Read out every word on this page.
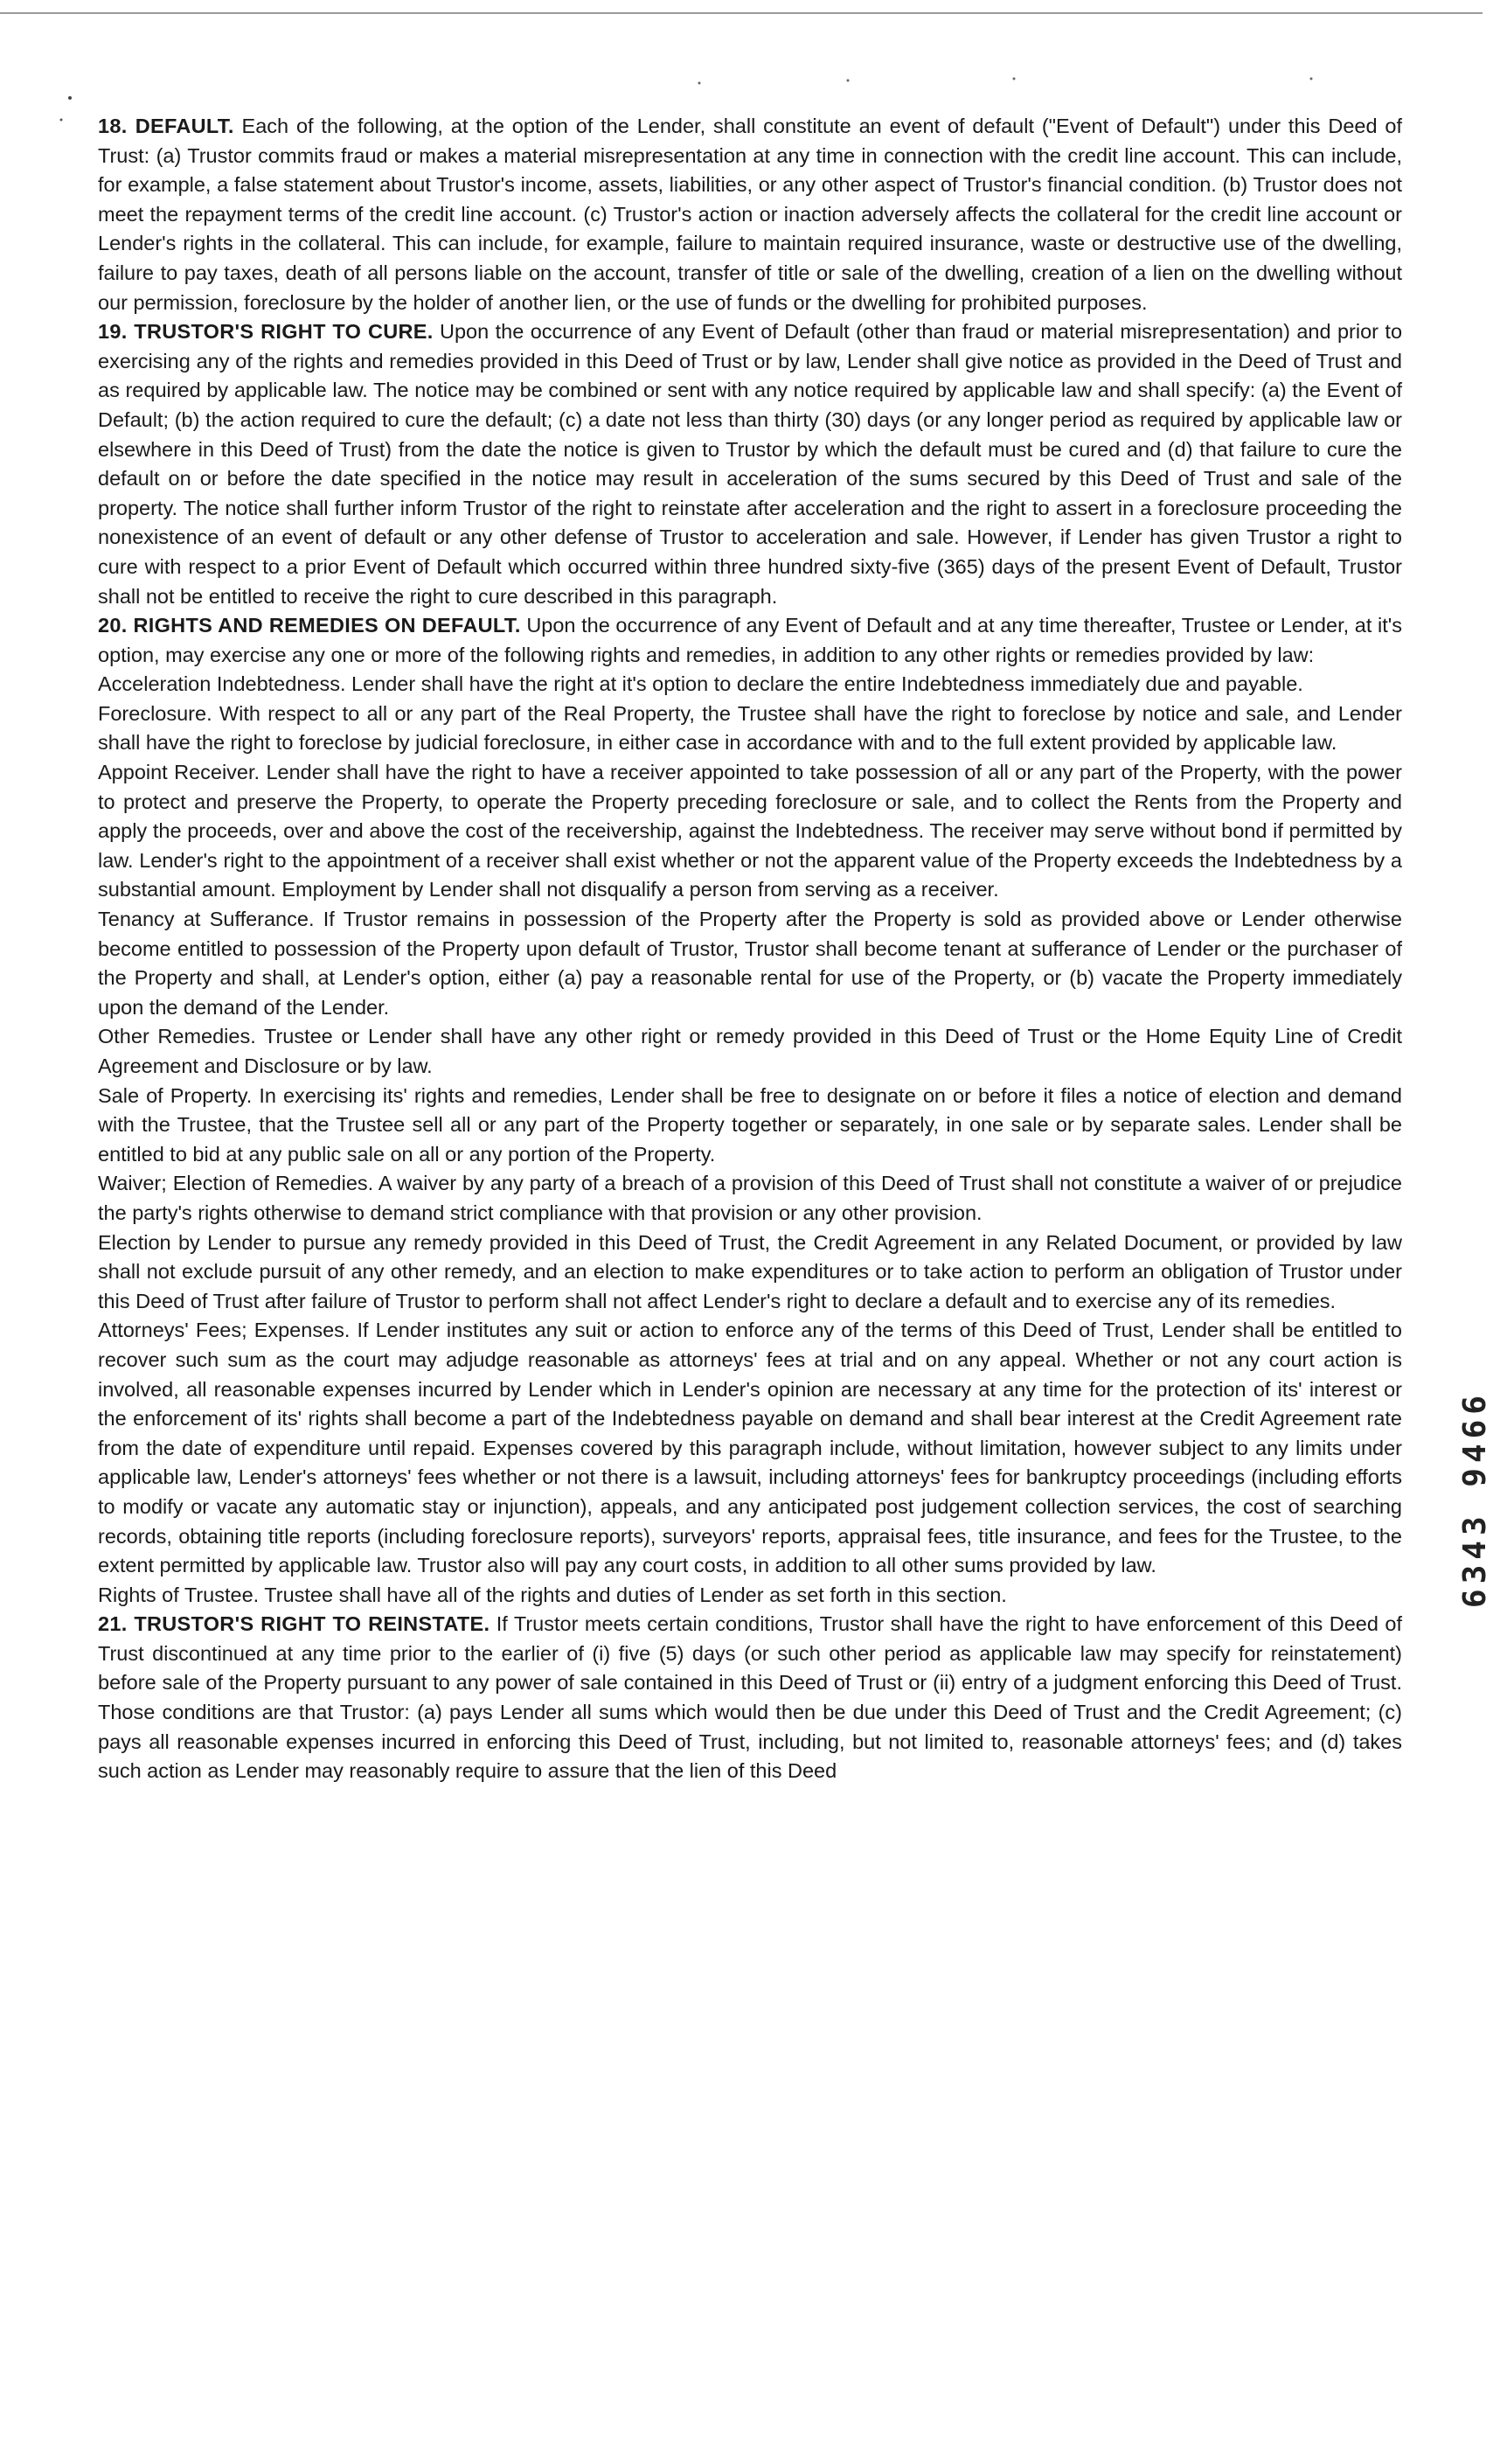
18. DEFAULT. Each of the following, at the option of the Lender, shall constitute an event of default ("Event of Default") under this Deed of Trust: (a) Trustor commits fraud or makes a material misrepresentation at any time in connection with the credit line account. This can include, for example, a false statement about Trustor's income, assets, liabilities, or any other aspect of Trustor's financial condition. (b) Trustor does not meet the repayment terms of the credit line account. (c) Trustor's action or inaction adversely affects the collateral for the credit line account or Lender's rights in the collateral. This can include, for example, failure to maintain required insurance, waste or destructive use of the dwelling, failure to pay taxes, death of all persons liable on the account, transfer of title or sale of the dwelling, creation of a lien on the dwelling without our permission, foreclosure by the holder of another lien, or the use of funds or the dwelling for prohibited purposes.

19. TRUSTOR'S RIGHT TO CURE. Upon the occurrence of any Event of Default (other than fraud or material misrepresentation) and prior to exercising any of the rights and remedies provided in this Deed of Trust or by law, Lender shall give notice as provided in the Deed of Trust and as required by applicable law. The notice may be combined or sent with any notice required by applicable law and shall specify: (a) the Event of Default; (b) the action required to cure the default; (c) a date not less than thirty (30) days (or any longer period as required by applicable law or elsewhere in this Deed of Trust) from the date the notice is given to Trustor by which the default must be cured and (d) that failure to cure the default on or before the date specified in the notice may result in acceleration of the sums secured by this Deed of Trust and sale of the property. The notice shall further inform Trustor of the right to reinstate after acceleration and the right to assert in a foreclosure proceeding the nonexistence of an event of default or any other defense of Trustor to acceleration and sale. However, if Lender has given Trustor a right to cure with respect to a prior Event of Default which occurred within three hundred sixty-five (365) days of the present Event of Default, Trustor shall not be entitled to receive the right to cure described in this paragraph.

20. RIGHTS AND REMEDIES ON DEFAULT. Upon the occurrence of any Event of Default and at any time thereafter, Trustee or Lender, at it's option, may exercise any one or more of the following rights and remedies, in addition to any other rights or remedies provided by law:

Acceleration Indebtedness. Lender shall have the right at it's option to declare the entire Indebtedness immediately due and payable.

Foreclosure. With respect to all or any part of the Real Property, the Trustee shall have the right to foreclose by notice and sale, and Lender shall have the right to foreclose by judicial foreclosure, in either case in accordance with and to the full extent provided by applicable law.

Appoint Receiver. Lender shall have the right to have a receiver appointed to take possession of all or any part of the Property, with the power to protect and preserve the Property, to operate the Property preceding foreclosure or sale, and to collect the Rents from the Property and apply the proceeds, over and above the cost of the receivership, against the Indebtedness. The receiver may serve without bond if permitted by law. Lender's right to the appointment of a receiver shall exist whether or not the apparent value of the Property exceeds the Indebtedness by a substantial amount. Employment by Lender shall not disqualify a person from serving as a receiver.

Tenancy at Sufferance. If Trustor remains in possession of the Property after the Property is sold as provided above or Lender otherwise become entitled to possession of the Property upon default of Trustor, Trustor shall become tenant at sufferance of Lender or the purchaser of the Property and shall, at Lender's option, either (a) pay a reasonable rental for use of the Property, or (b) vacate the Property immediately upon the demand of the Lender.

Other Remedies. Trustee or Lender shall have any other right or remedy provided in this Deed of Trust or the Home Equity Line of Credit Agreement and Disclosure or by law.

Sale of Property. In exercising its' rights and remedies, Lender shall be free to designate on or before it files a notice of election and demand with the Trustee, that the Trustee sell all or any part of the Property together or separately, in one sale or by separate sales. Lender shall be entitled to bid at any public sale on all or any portion of the Property.

Waiver; Election of Remedies. A waiver by any party of a breach of a provision of this Deed of Trust shall not constitute a waiver of or prejudice the party's rights otherwise to demand strict compliance with that provision or any other provision.

Election by Lender to pursue any remedy provided in this Deed of Trust, the Credit Agreement in any Related Document, or provided by law shall not exclude pursuit of any other remedy, and an election to make expenditures or to take action to perform an obligation of Trustor under this Deed of Trust after failure of Trustor to perform shall not affect Lender's right to declare a default and to exercise any of its remedies.

Attorneys' Fees; Expenses. If Lender institutes any suit or action to enforce any of the terms of this Deed of Trust, Lender shall be entitled to recover such sum as the court may adjudge reasonable as attorneys' fees at trial and on any appeal. Whether or not any court action is involved, all reasonable expenses incurred by Lender which in Lender's opinion are necessary at any time for the protection of its' interest or the enforcement of its' rights shall become a part of the Indebtedness payable on demand and shall bear interest at the Credit Agreement rate from the date of expenditure until repaid. Expenses covered by this paragraph include, without limitation, however subject to any limits under applicable law, Lender's attorneys' fees whether or not there is a lawsuit, including attorneys' fees for bankruptcy proceedings (including efforts to modify or vacate any automatic stay or injunction), appeals, and any anticipated post judgement collection services, the cost of searching records, obtaining title reports (including foreclosure reports), surveyors' reports, appraisal fees, title insurance, and fees for the Trustee, to the extent permitted by applicable law. Trustor also will pay any court costs, in addition to all other sums provided by law.

Rights of Trustee. Trustee shall have all of the rights and duties of Lender as set forth in this section.

21. TRUSTOR'S RIGHT TO REINSTATE. If Trustor meets certain conditions, Trustor shall have the right to have enforcement of this Deed of Trust discontinued at any time prior to the earlier of (i) five (5) days (or such other period as applicable law may specify for reinstatement) before sale of the Property pursuant to any power of sale contained in this Deed of Trust or (ii) entry of a judgment enforcing this Deed of Trust. Those conditions are that Trustor: (a) pays Lender all sums which would then be due under this Deed of Trust and the Credit Agreement; (c) pays all reasonable expenses incurred in enforcing this Deed of Trust, including, but not limited to, reasonable attorneys' fees; and (d) takes such action as Lender may reasonably require to assure that the lien of this Deed

6343 9466
